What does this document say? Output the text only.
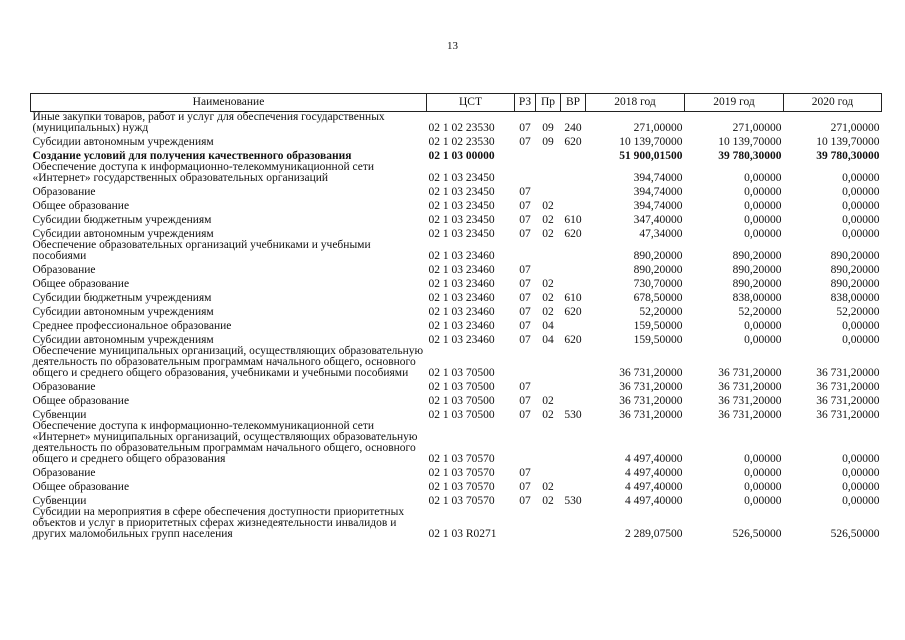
13
Наименование	ЦСТ	РЗ	Пр	ВР	2018 год	2019 год	2020 год
Иные закупки товаров, работ и услуг для обеспечения государственных (муниципальных) нужд	02 1 02 23530	07	09	240	271,00000	271,00000	271,00000
Субсидии автономным учреждениям	02 1 02 23530	07	09	620	10 139,70000	10 139,70000	10 139,70000
Создание условий для получения качественного образования	02 1 03 00000				51 900,01500	39 780,30000	39 780,30000
Обеспечение доступа к информационно-телекоммуникационной сети «Интернет» государственных образовательных организаций	02 1 03 23450				394,74000	0,00000	0,00000
Образование	02 1 03 23450	07			394,74000	0,00000	0,00000
Общее образование	02 1 03 23450	07	02		394,74000	0,00000	0,00000
Субсидии бюджетным учреждениям	02 1 03 23450	07	02	610	347,40000	0,00000	0,00000
Субсидии автономным учреждениям	02 1 03 23450	07	02	620	47,34000	0,00000	0,00000
Обеспечение образовательных организаций учебниками и учебными пособиями	02 1 03 23460				890,20000	890,20000	890,20000
Образование	02 1 03 23460	07			890,20000	890,20000	890,20000
Общее образование	02 1 03 23460	07	02		730,70000	890,20000	890,20000
Субсидии бюджетным учреждениям	02 1 03 23460	07	02	610	678,50000	838,00000	838,00000
Субсидии автономным учреждениям	02 1 03 23460	07	02	620	52,20000	52,20000	52,20000
Среднее профессиональное образование	02 1 03 23460	07	04		159,50000	0,00000	0,00000
Субсидии автономным учреждениям	02 1 03 23460	07	04	620	159,50000	0,00000	0,00000
Обеспечение муниципальных организаций, осуществляющих образовательную деятельность по образовательным программам начального общего, основного общего и среднего общего образования, учебниками и учебными пособиями	02 1 03 70500				36 731,20000	36 731,20000	36 731,20000
Образование	02 1 03 70500	07			36 731,20000	36 731,20000	36 731,20000
Общее образование	02 1 03 70500	07	02		36 731,20000	36 731,20000	36 731,20000
Субвенции	02 1 03 70500	07	02	530	36 731,20000	36 731,20000	36 731,20000
Обеспечение доступа к информационно-телекоммуникационной сети «Интернет» муниципальных организаций, осуществляющих образовательную деятельность по образовательным программам начального общего, основного общего и среднего общего образования	02 1 03 70570				4 497,40000	0,00000	0,00000
Образование	02 1 03 70570	07			4 497,40000	0,00000	0,00000
Общее образование	02 1 03 70570	07	02		4 497,40000	0,00000	0,00000
Субвенции	02 1 03 70570	07	02	530	4 497,40000	0,00000	0,00000
Субсидии на мероприятия в сфере обеспечения доступности приоритетных объектов и услуг в приоритетных сферах жизнедеятельности инвалидов и других маломобильных групп населения	02 1 03 R0271				2 289,07500	526,50000	526,50000
